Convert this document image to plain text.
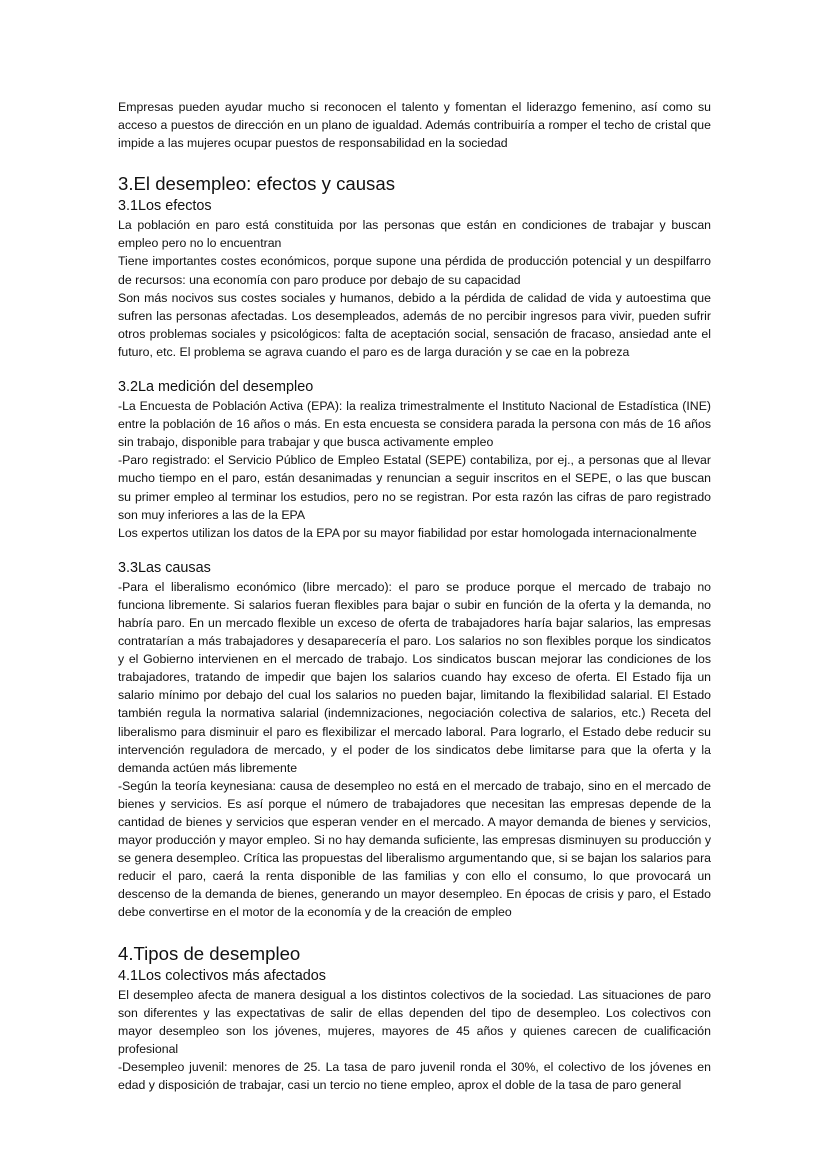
Empresas pueden ayudar mucho si reconocen el talento y fomentan el liderazgo femenino, así como su acceso a puestos de dirección en un plano de igualdad. Además contribuiría a romper el techo de cristal que impide a las mujeres ocupar puestos de responsabilidad en la sociedad

3.El desempleo: efectos y causas
3.1Los efectos

La población en paro está constituida por las personas que están en condiciones de trabajar y buscan empleo pero no lo encuentran

Tiene importantes costes económicos, porque supone una pérdida de producción potencial y un despilfarro de recursos: una economía con paro produce por debajo de su capacidad

Son más nocivos sus costes sociales y humanos, debido a la pérdida de calidad de vida y autoestima que sufren las personas afectadas. Los desempleados, además de no percibir ingresos para vivir, pueden sufrir otros problemas sociales y psicológicos: falta de aceptación social, sensación de fracaso, ansiedad ante el futuro, etc. El problema se agrava cuando el paro es de larga duración y se cae en la pobreza

3.2La medición del desempleo

-La Encuesta de Población Activa (EPA): la realiza trimestralmente el Instituto Nacional de Estadística (INE) entre la población de 16 años o más. En esta encuesta se considera parada la persona con más de 16 años sin trabajo, disponible para trabajar y que busca activamente empleo

-Paro registrado: el Servicio Público de Empleo Estatal (SEPE) contabiliza, por ej., a personas que al llevar mucho tiempo en el paro, están desanimadas y renuncian a seguir inscritos en el SEPE, o las que buscan su primer empleo al terminar los estudios, pero no se registran. Por esta razón las cifras de paro registrado son muy inferiores a las de la EPA

Los expertos utilizan los datos de la EPA por su mayor fiabilidad por estar homologada internacionalmente

3.3Las causas

-Para el liberalismo económico (libre mercado): el paro se produce porque el mercado de trabajo no funciona libremente. Si salarios fueran flexibles para bajar o subir en función de la oferta y la demanda, no habría paro. En un mercado flexible un exceso de oferta de trabajadores haría bajar salarios, las empresas contratarían a más trabajadores y desaparecería el paro. Los salarios no son flexibles porque los sindicatos y el Gobierno intervienen en el mercado de trabajo. Los sindicatos buscan mejorar las condiciones de los trabajadores, tratando de impedir que bajen los salarios cuando hay exceso de oferta. El Estado fija un salario mínimo por debajo del cual los salarios no pueden bajar, limitando la flexibilidad salarial. El Estado también regula la normativa salarial (indemnizaciones, negociación colectiva de salarios, etc.) Receta del liberalismo para disminuir el paro es flexibilizar el mercado laboral. Para lograrlo, el Estado debe reducir su intervención reguladora de mercado, y el poder de los sindicatos debe limitarse para que la oferta y la demanda actúen más libremente

-Según la teoría keynesiana: causa de desempleo no está en el mercado de trabajo, sino en el mercado de bienes y servicios. Es así porque el número de trabajadores que necesitan las empresas depende de la cantidad de bienes y servicios que esperan vender en el mercado. A mayor demanda de bienes y servicios, mayor producción y mayor empleo. Si no hay demanda suficiente, las empresas disminuyen su producción y se genera desempleo. Crítica las propuestas del liberalismo argumentando que, si se bajan los salarios para reducir el paro, caerá la renta disponible de las familias y con ello el consumo, lo que provocará un descenso de la demanda de bienes, generando un mayor desempleo. En épocas de crisis y paro, el Estado debe convertirse en el motor de la economía y de la creación de empleo

4.Tipos de desempleo
4.1Los colectivos más afectados

El desempleo afecta de manera desigual a los distintos colectivos de la sociedad. Las situaciones de paro son diferentes y las expectativas de salir de ellas dependen del tipo de desempleo. Los colectivos con mayor desempleo son los jóvenes, mujeres, mayores de 45 años y quienes carecen de cualificación profesional

-Desempleo juvenil: menores de 25. La tasa de paro juvenil ronda el 30%, el colectivo de los jóvenes en edad y disposición de trabajar, casi un tercio no tiene empleo, aprox el doble de la tasa de paro general
